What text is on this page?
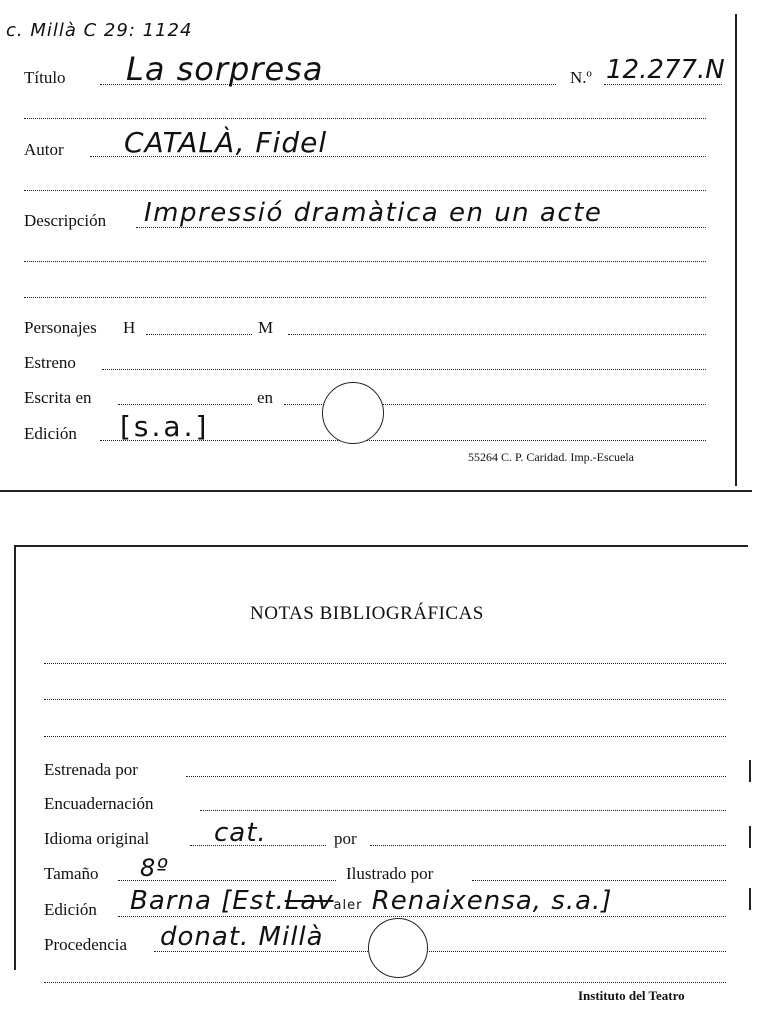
c. Millà C 29: 1124
Título La sorpresa	N.º 12.277.N
Autor CATALÀ, Fidel
Descripción Impressió dramàtica en un acte
Personajes H	M
Estreno
Escrita en	en
Edición [s.a.]
55264 C. P. Caridad. Imp.-Escuela
NOTAS BIBLIOGRÁFICAS
Estrenada por
Encuadernación
Idioma original cat.	por
Tamaño 8º	Ilustrado por
Edición Barna [Est.Lavaler Renaixensa, s.a.]
Procedencia donat. Millà
Instituto del Teatro
